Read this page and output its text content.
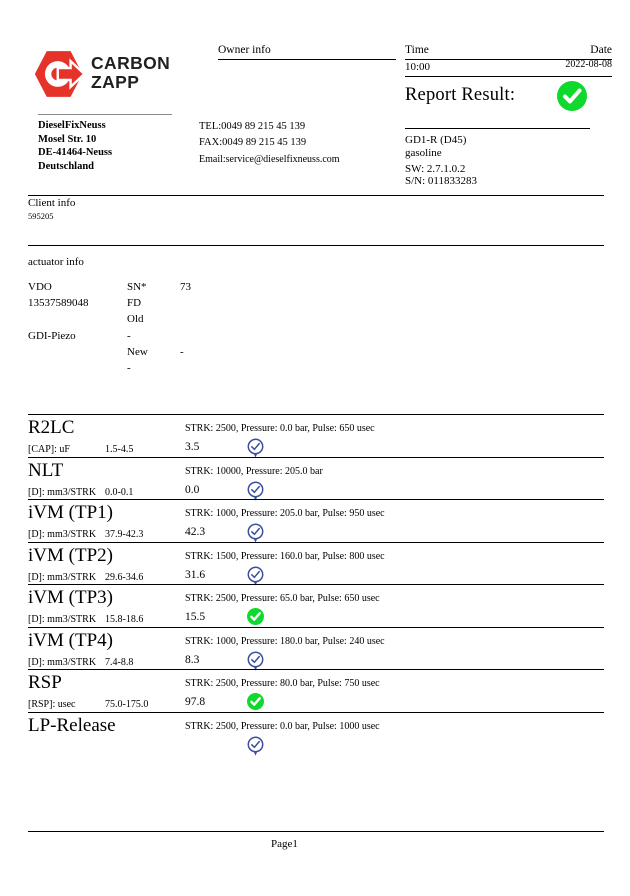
CARBON
ZAPP
Owner info	Time	Date
10:00	2022-08-08
Report Result:
DieselFixNeuss
Mosel Str. 10
DE-41464-Neuss
Deutschland
TEL:0049 89 215 45 139
FAX:0049 89 215 45 139
Email:service@dieselfixneuss.com
GD1-R (D45)
gasoline
SW: 2.7.1.0.2
S/N: 011833283
Client info
595205
actuator info
VDO	SN*	73
13537589048	FD
Old
GDI-Piezo	-
New	-
-
R2LC	STRK: 2500, Pressure: 0.0 bar, Pulse: 650 usec
[CAP]: uF	1.5-4.5	3.5
NLT	STRK: 10000, Pressure: 205.0 bar
[D]: mm3/STRK 0.0-0.1	0.0
iVM (TP1)	STRK: 1000, Pressure: 205.0 bar, Pulse: 950 usec
[D]: mm3/STRK 37.9-42.3	42.3
iVM (TP2)	STRK: 1500, Pressure: 160.0 bar, Pulse: 800 usec
[D]: mm3/STRK 29.6-34.6	31.6
iVM (TP3)	STRK: 2500, Pressure: 65.0 bar, Pulse: 650 usec
[D]: mm3/STRK 15.8-18.6	15.5
iVM (TP4)	STRK: 1000, Pressure: 180.0 bar, Pulse: 240 usec
[D]: mm3/STRK 7.4-8.8	8.3
RSP	STRK: 2500, Pressure: 80.0 bar, Pulse: 750 usec
[RSP]: usec	75.0-175.0	97.8
LP-Release	STRK: 2500, Pressure: 0.0 bar, Pulse: 1000 usec
Page1
